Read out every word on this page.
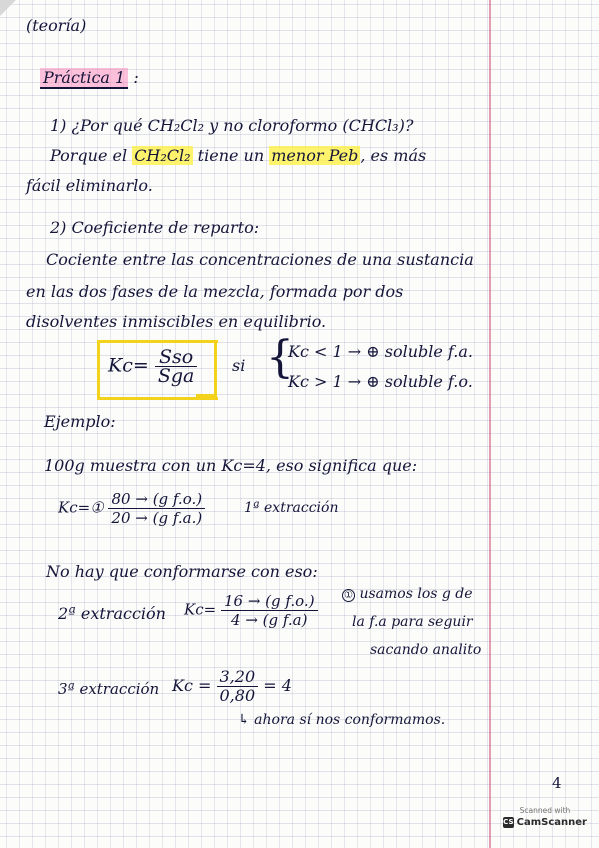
(teoría)
Práctica 1 :
1) ¿Por qué CH₂Cl₂ y no cloroformo (CHCl₃)?
Porque el CH₂Cl₂ tiene un menor Peb , es más
fácil eliminarlo.
2) Coeficiente de reparto:
Cociente entre las concentraciones de una sustancia
en las dos fases de la mezcla, formada por dos
disolventes inmiscibles en equilibrio.
$Kc= \frac{\text{Sso}}{\text{Sga}}$ si {
Kc < 1 → ⊕ soluble f.a.
Kc > 1 → ⊕ soluble f.o.
Ejemplo:
100g muestra con un Kc=4, eso significa que:
Kc=① $\frac{\text{80 → (g f.o.)}}{\text{20 → (g f.a.)}}$	1ª extracción
No hay que conformarse con eso:
2ª extracción $Kc= \frac{\text{16 → (g f.o.)}}{\text{4 → (g f.a)}}$	① usamos los g de
la f.a para seguir
sacando analito
3ª extracción $Kc = \frac{3,20}{0,80} = 4$
↳ ahora sí nos conformamos.
4
Scanned with
CS CamScanner
